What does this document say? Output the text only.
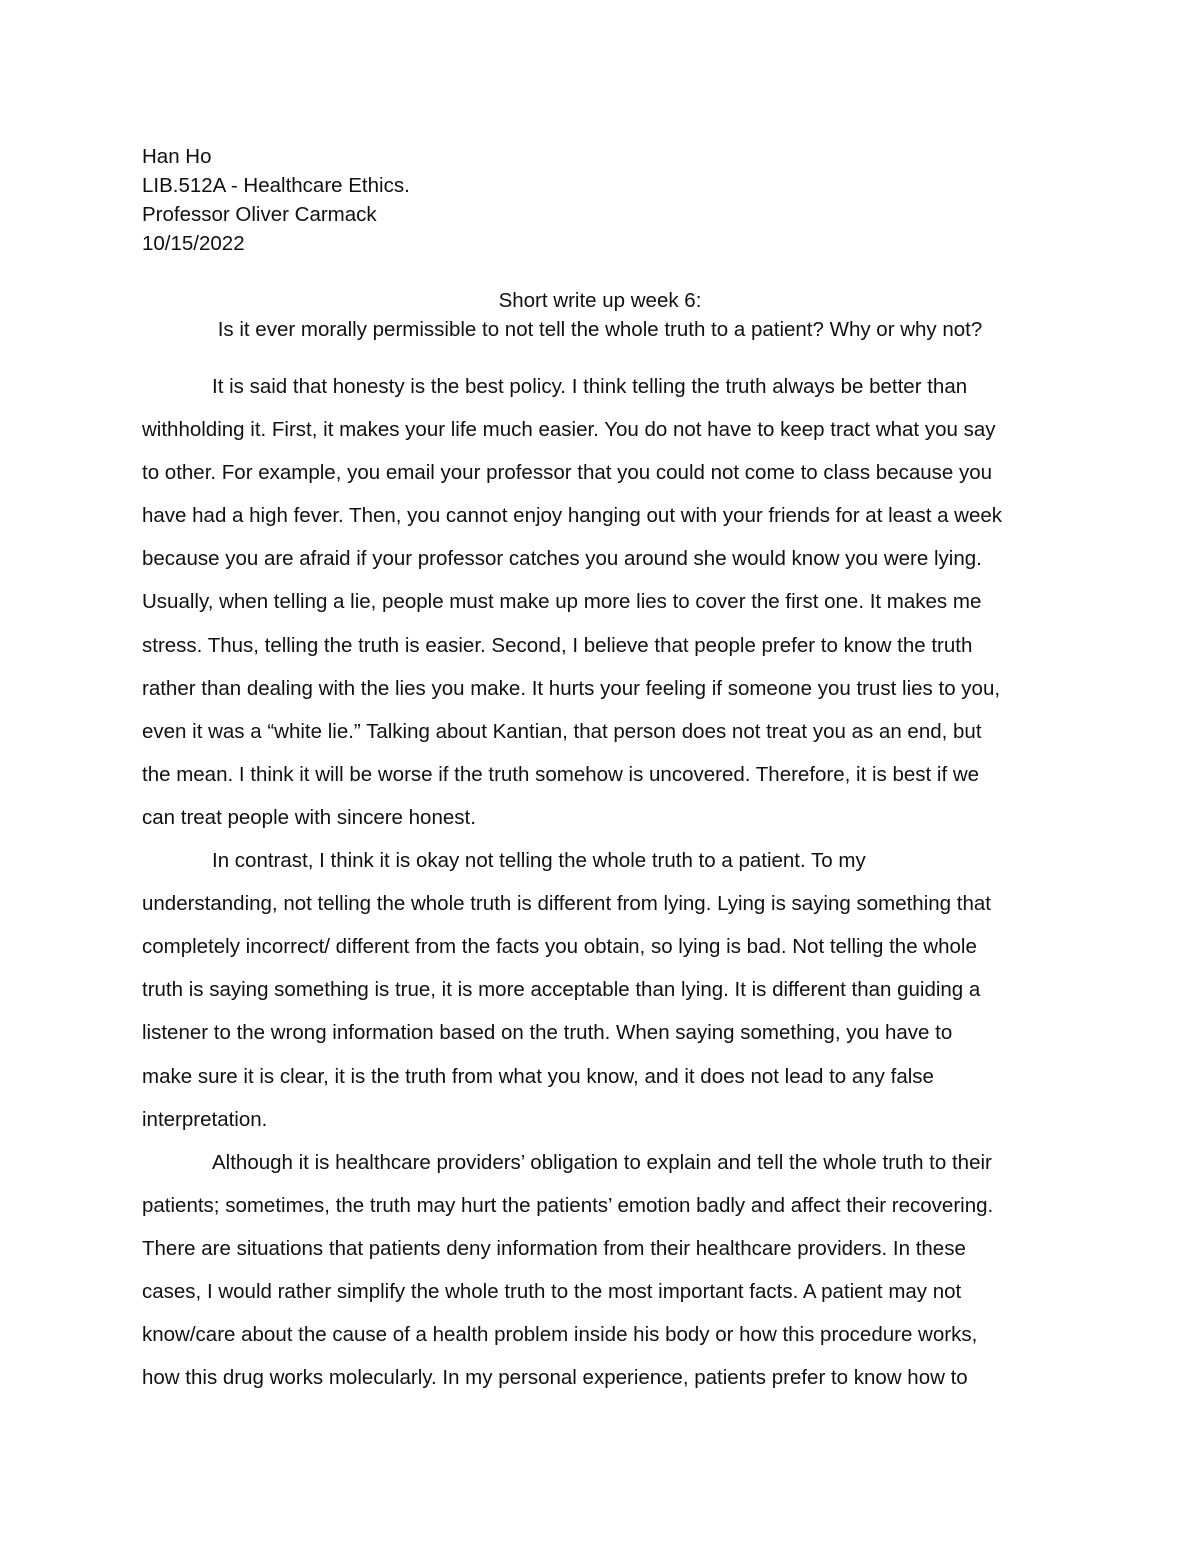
Han Ho
LIB.512A - Healthcare Ethics.
Professor Oliver Carmack
10/15/2022
Short write up week 6:
Is it ever morally permissible to not tell the whole truth to a patient? Why or why not?
It is said that honesty is the best policy. I think telling the truth always be better than
withholding it. First, it makes your life much easier. You do not have to keep tract what you say
to other. For example, you email your professor that you could not come to class because you
have had a high fever. Then, you cannot enjoy hanging out with your friends for at least a week
because you are afraid if your professor catches you around she would know you were lying.
Usually, when telling a lie, people must make up more lies to cover the first one. It makes me
stress. Thus, telling the truth is easier. Second, I believe that people prefer to know the truth
rather than dealing with the lies you make. It hurts your feeling if someone you trust lies to you,
even it was a “white lie.” Talking about Kantian, that person does not treat you as an end, but
the mean. I think it will be worse if the truth somehow is uncovered. Therefore, it is best if we
can treat people with sincere honest.
In contrast, I think it is okay not telling the whole truth to a patient. To my
understanding, not telling the whole truth is different from lying. Lying is saying something that
completely incorrect/ different from the facts you obtain, so lying is bad. Not telling the whole
truth is saying something is true, it is more acceptable than lying. It is different than guiding a
listener to the wrong information based on the truth. When saying something, you have to
make sure it is clear, it is the truth from what you know, and it does not lead to any false
interpretation.
Although it is healthcare providers’ obligation to explain and tell the whole truth to their
patients; sometimes, the truth may hurt the patients’ emotion badly and affect their recovering.
There are situations that patients deny information from their healthcare providers. In these
cases, I would rather simplify the whole truth to the most important facts. A patient may not
know/care about the cause of a health problem inside his body or how this procedure works,
how this drug works molecularly. In my personal experience, patients prefer to know how to
